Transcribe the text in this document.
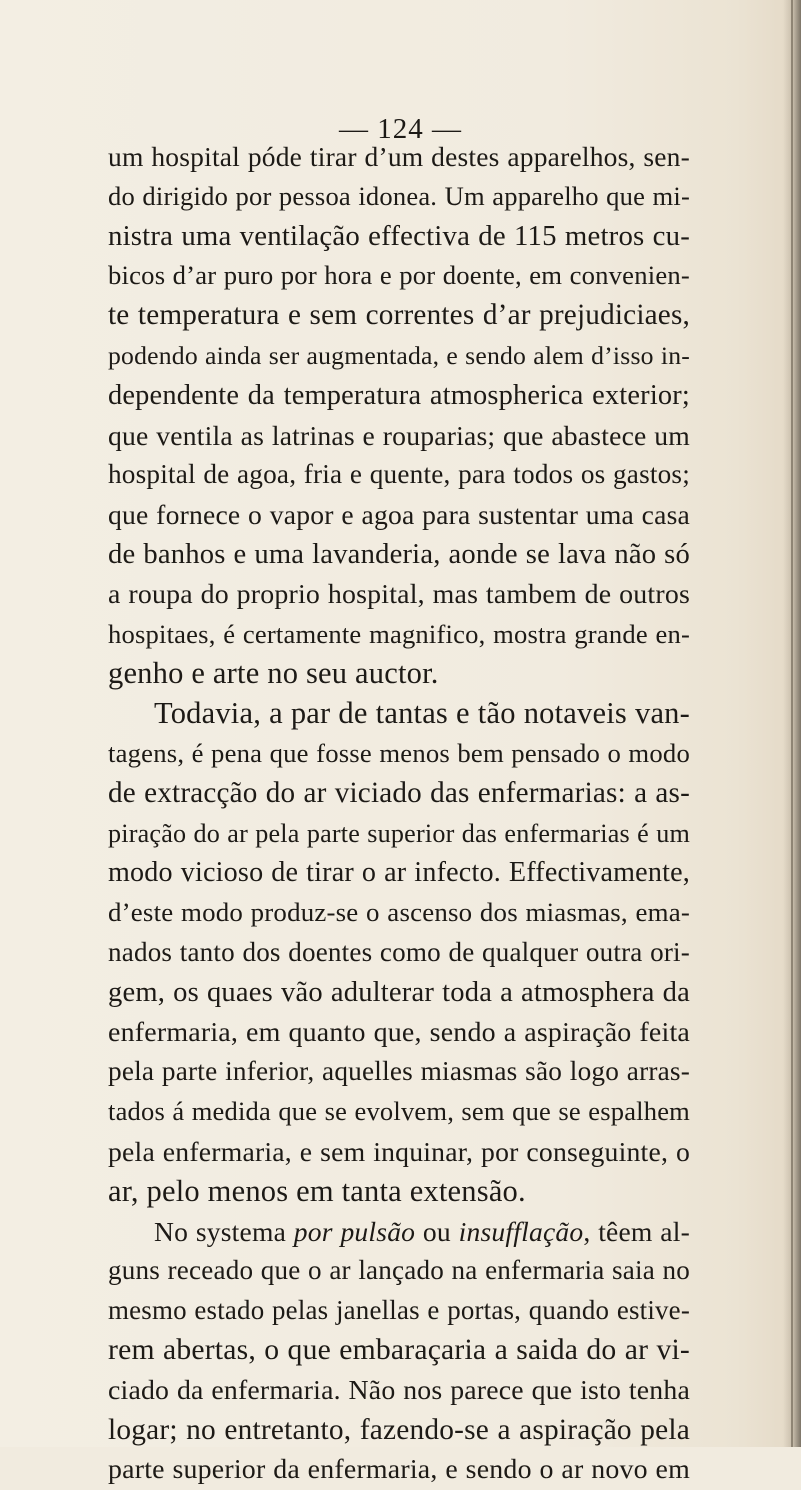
— 124 —
um hospital póde tirar d’um destes apparelhos, sen-
do dirigido por pessoa idonea. Um apparelho que mi-
nistra uma ventilação effectiva de 115 metros cu-
bicos d’ar puro por hora e por doente, em convenien-
te temperatura e sem correntes d’ar prejudiciaes,
podendo ainda ser augmentada, e sendo alem d’isso in-
dependente da temperatura atmospherica exterior;
que ventila as latrinas e rouparias; que abastece um
hospital de agoa, fria e quente, para todos os gastos;
que fornece o vapor e agoa para sustentar uma casa
de banhos e uma lavanderia, aonde se lava não só
a roupa do proprio hospital, mas tambem de outros
hospitaes, é certamente magnifico, mostra grande en-
genho e arte no seu auctor.
Todavia, a par de tantas e tão notaveis van-
tagens, é pena que fosse menos bem pensado o modo
de extracção do ar viciado das enfermarias: a as-
piração do ar pela parte superior das enfermarias é um
modo vicioso de tirar o ar infecto. Effectivamente,
d’este modo produz-se o ascenso dos miasmas, ema-
nados tanto dos doentes como de qualquer outra ori-
gem, os quaes vão adulterar toda a atmosphera da
enfermaria, em quanto que, sendo a aspiração feita
pela parte inferior, aquelles miasmas são logo arras-
tados á medida que se evolvem, sem que se espalhem
pela enfermaria, e sem inquinar, por conseguinte, o
ar, pelo menos em tanta extensão.
No systema por pulsão ou insufflação, têem al-
guns receado que o ar lançado na enfermaria saia no
mesmo estado pelas janellas e portas, quando estive-
rem abertas, o que embaraçaria a saida do ar vi-
ciado da enfermaria. Não nos parece que isto tenha
logar; no entretanto, fazendo-se a aspiração pela
parte superior da enfermaria, e sendo o ar novo em
